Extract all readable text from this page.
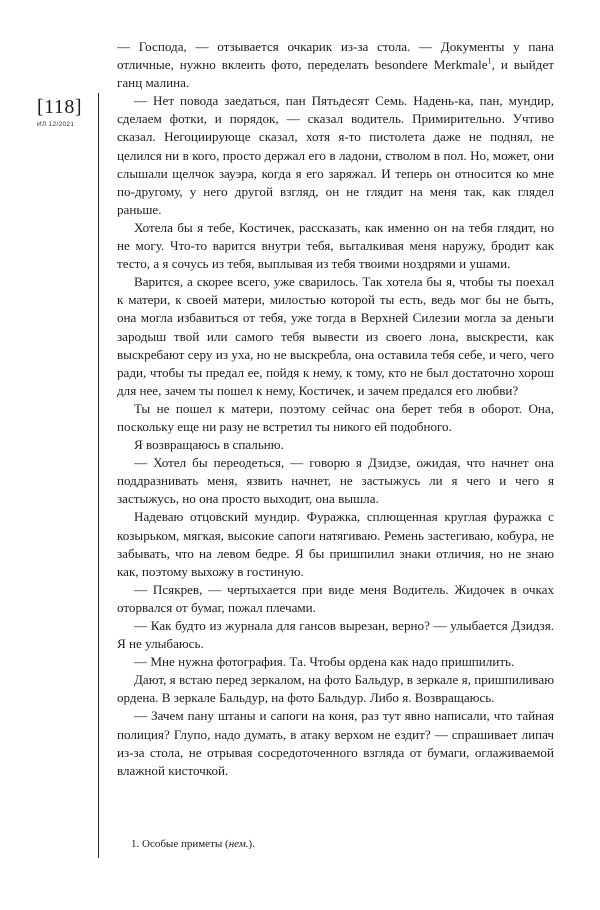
[118]
ИЛ 12/2021

— Господа, — отзывается очкарик из-за стола. — Документы у пана отличные, нужно вклеить фото, переделать besondere Merkmale$^1$, и выйдет ганц малина.

— Нет повода заедаться, пан Пятьдесят Семь. Надень-ка, пан, мундир, сделаем фотки, и порядок, — сказал водитель. Примирительно. Учтиво сказал. Негоциирующе сказал, хотя я-то пистолета даже не поднял, не целился ни в кого, просто держал его в ладони, стволом в пол. Но, может, они слышали щелчок зауэра, когда я его заряжал. И теперь он относится ко мне по-другому, у него другой взгляд, он не глядит на меня так, как глядел раньше.

Хотела бы я тебе, Костичек, рассказать, как именно он на тебя глядит, но не могу. Что-то варится внутри тебя, выталкивая меня наружу, бродит как тесто, а я сочусь из тебя, выплывая из тебя твоими ноздрями и ушами.

Варится, а скорее всего, уже сварилось. Так хотела бы я, чтобы ты поехал к матери, к своей матери, милостью которой ты есть, ведь мог бы не быть, она могла избавиться от тебя, уже тогда в Верхней Силезии могла за деньги зародыш твой или самого тебя вывести из своего лона, выскрести, как выскребают серу из уха, но не выскребла, она оставила тебя себе, и чего, чего ради, чтобы ты предал ее, пойдя к нему, к тому, кто не был достаточно хорош для нее, зачем ты пошел к нему, Костичек, и зачем предался его любви?

Ты не пошел к матери, поэтому сейчас она берет тебя в оборот. Она, поскольку еще ни разу не встретил ты никого ей подобного.

Я возвращаюсь в спальню.

— Хотел бы переодеться, — говорю я Дзидзе, ожидая, что начнет она поддразнивать меня, язвить начнет, не застыжусь ли я чего и чего я застыжусь, но она просто выходит, она вышла.

Надеваю отцовский мундир. Фуражка, сплющенная круглая фуражка с козырьком, мягкая, высокие сапоги натягиваю. Ремень застегиваю, кобура, не забывать, что на левом бедре. Я бы пришпилил знаки отличия, но не знаю как, поэтому выхожу в гостиную.

— Псякрев, — чертыхается при виде меня Водитель. Жидочек в очках оторвался от бумаг, пожал плечами.

— Как будто из журнала для гансов вырезан, верно? — улыбается Дзидзя. Я не улыбаюсь.

— Мне нужна фотография. Та. Чтобы ордена как надо пришпилить.

Дают, я встаю перед зеркалом, на фото Бальдур, в зеркале я, пришпиливаю ордена. В зеркале Бальдур, на фото Бальдур. Либо я. Возвращаюсь.

— Зачем пану штаны и сапоги на коня, раз тут явно написали, что тайная полиция? Глупо, надо думать, в атаку верхом не ездит? — спрашивает липач из-за стола, не отрывая сосредоточенного взгляда от бумаги, оглаживаемой влажной кисточкой.

1. Особые приметы (нем.).
